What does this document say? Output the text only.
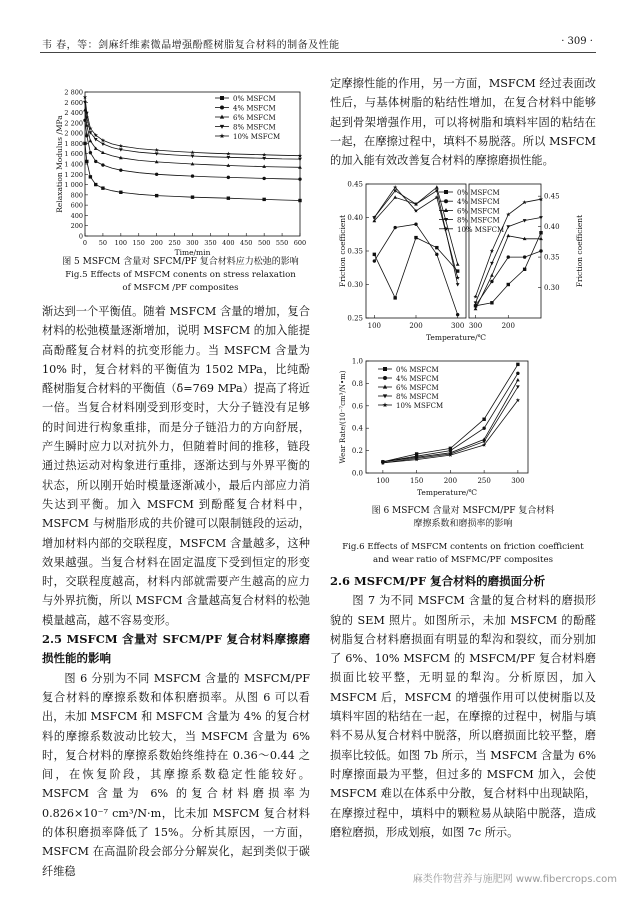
韦 春，等：剑麻纤维素微晶增强酚醛树脂复合材料的制备及性能	· 309 ·
0
200
400
600
800
1 000
1 200
1 400
1 600
1 800
2 000
2 200
2 400
2 600
2 800
0 50 100 150 200 250 300 350 400 450 500 550 600
Time/min
Relaxation Modulus /MPa
0% MSFCM
4% MSFCM
6% MSFCM
8% MSFCM
10% MSFCM
图 5 MSFCM 含量对 SFCM/PF 复合材料应力松弛的影响
Fig.5 Effects of MSFCM conents on stress relaxation
of MSFCM /PF composites

渐达到一个平衡值。随着 MSFCM 含量的增加，复合材料的松弛模量逐渐增加，说明 MSFCM 的加入能提高酚醛复合材料的抗变形能力。当 MSFCM 含量为 10% 时，复合材料的平衡值为 1502 MPa，比纯酚醛树脂复合材料的平衡值（δ̄=769 MPa）提高了将近一倍。当复合材料刚受到形变时，大分子链没有足够的时间进行构象重排，而是分子链沿力的方向舒展，产生瞬时应力以对抗外力，但随着时间的推移，链段通过热运动对构象进行重排，逐渐达到与外界平衡的状态，所以刚开始时模量逐渐减小，最后内部应力消失达到平衡。加入 MSFCM 到酚醛复合材料中，MSFCM 与树脂形成的共价键可以限制链段的运动，增加材料内部的交联程度，MSFCM 含量越多，这种效果越强。当复合材料在固定温度下受到恒定的形变时，交联程度越高，材料内部就需要产生越高的应力与外界抗衡，所以 MSFCM 含量越高复合材料的松弛模量越高，越不容易变形。

2.5 MSFCM 含量对 SFCM/PF 复合材料摩擦磨损性能的影响

图 6 分别为不同 MSFCM 含量的 MSFCM/PF 复合材料的摩擦系数和体积磨损率。从图 6 可以看出，未加 MSFCM 和 MSFCM 含量为 4% 的复合材料的摩擦系数波动比较大，当 MSFCM 含量为 6% 时，复合材料的摩擦系数始终维持在 0.36～0.44 之间，在恢复阶段，其摩擦系数稳定性能较好。MSFCM 含量为 6% 的复合材料磨损率为 0.826×10⁻⁷ cm³/N·m，比未加 MSFCM 复合材料的体积磨损率降低了 15%。分析其原因，一方面，MSFCM 在高温阶段会部分分解炭化，起到类似于碳纤维稳

定摩擦性能的作用，另一方面，MSFCM 经过表面改性后，与基体树脂的粘结性增加，在复合材料中能够起到骨架增强作用，可以将树脂和填料牢固的粘结在一起，在摩擦过程中，填料不易脱落。所以 MSFCM 的加入能有效改善复合材料的摩擦磨损性能。

0.25
0.30
0.35
0.40
0.45
0.30
0.35
0.40
0.45
100	200	300	200
300
Temperature/℃
Friction coefficient	Friction coefficient
0% MSFCM
4% MSFCM
6% MSFCM
8% MSFCM
10% MSFCM
0.0
0.2
0.4
0.6
0.8
1.0
100	150	200	250	300
Temperature/℃
Wear Rate/(10⁻⁷cm³/N•m)
0% MSFCM
4% MSFCM
6% MSFCM
8% MSFCM
10% MSFCM
图 6 MSFCM 含量对 MSFCM/PF 复合材料
摩擦系数和磨损率的影响
Fig.6 Effects of MSFCM contents on friction coefficient
and wear ratio of MSFMC/PF composites

2.6 MSFCM/PF 复合材料的磨损面分析

图 7 为不同 MSFCM 含量的复合材料的磨损形貌的 SEM 照片。如图所示，未加 MSFCM 的酚醛树脂复合材料磨损面有明显的犁沟和裂纹，而分别加了 6%、10% MSFCM 的 MSFCM/PF 复合材料磨损面比较平整，无明显的犁沟。分析原因，加入 MSFCM 后，MSFCM 的增强作用可以使树脂以及填料牢固的粘结在一起，在摩擦的过程中，树脂与填料不易从复合材料中脱落，所以磨损面比较平整，磨损率比较低。如图 7b 所示，当 MSFCM 含量为 6% 时摩擦面最为平整，但过多的 MSFCM 加入，会使 MSFCM 难以在体系中分散，复合材料中出现缺陷，在摩擦过程中，填料中的颗粒易从缺陷中脱落，造成磨粒磨损，形成划痕，如图 7c 所示。

麻类作物营养与施肥网 www.fibercrops.com
